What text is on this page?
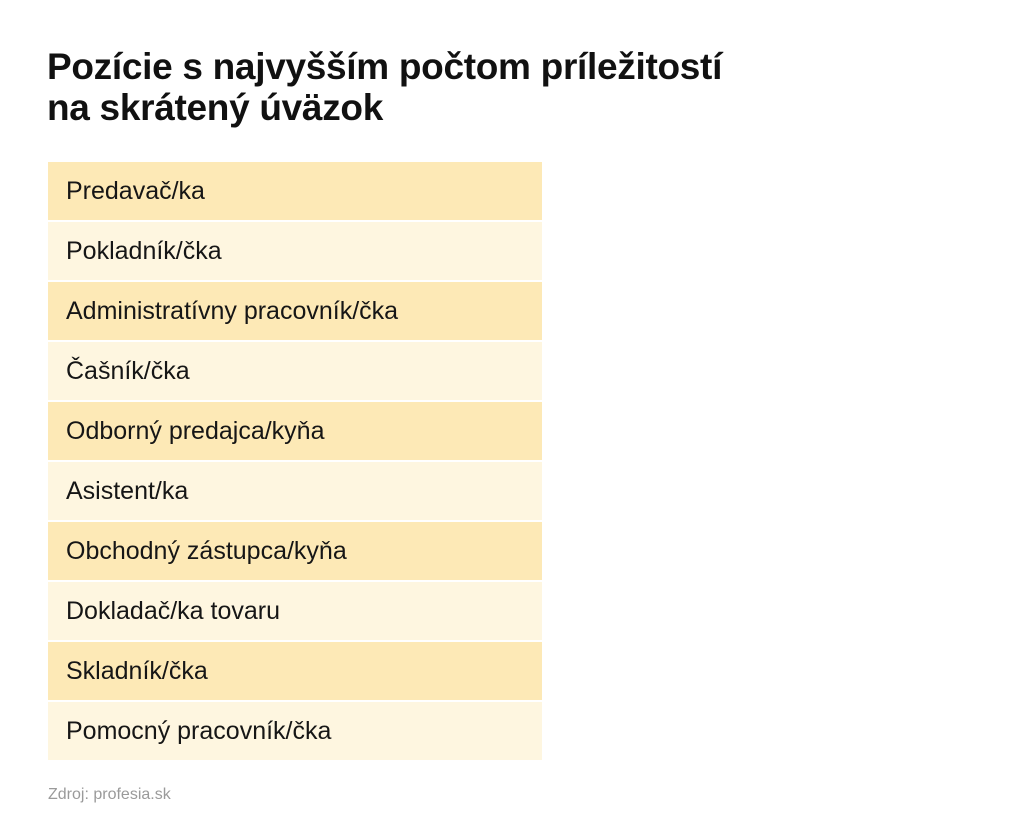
Pozície s najvyšším počtom príležitostí
na skrátený úväzok
Predavač/ka
Pokladník/čka
Administratívny pracovník/čka
Čašník/čka
Odborný predajca/kyňa
Asistent/ka
Obchodný zástupca/kyňa
Dokladač/ka tovaru
Skladník/čka
Pomocný pracovník/čka
Zdroj: profesia.sk
